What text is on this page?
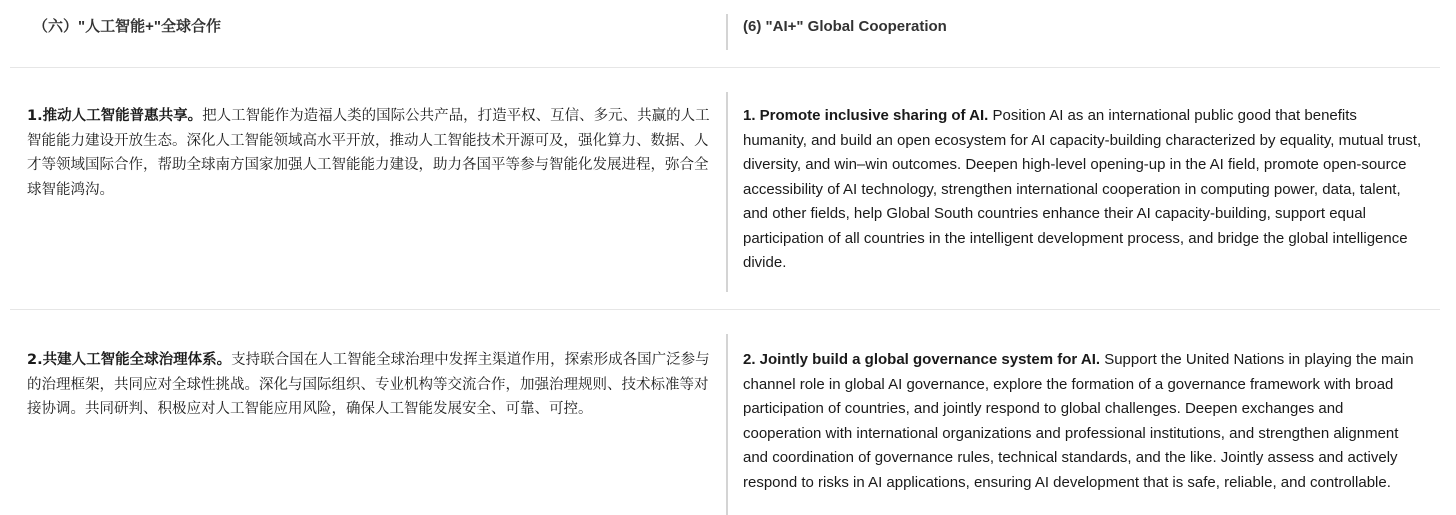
（六）"人工智能+"全球合作	(6) "AI+" Global Cooperation

1.推动人工智能普惠共享。把人工智能作为造福人类的国际公共产品，打造平权、互信、多元、共赢的人工智能能力建设开放生态。深化人工智能领域高水平开放，推动人工智能技术开源可及，强化算力、数据、人才等领域国际合作，帮助全球南方国家加强人工智能能力建设，助力各国平等参与智能化发展进程，弥合全球智能鸿沟。

1. Promote inclusive sharing of AI. Position AI as an international public good that benefits humanity, and build an open ecosystem for AI capacity-building characterized by equality, mutual trust, diversity, and win–win outcomes. Deepen high-level opening-up in the AI field, promote open-source accessibility of AI technology, strengthen international cooperation in computing power, data, talent, and other fields, help Global South countries enhance their AI capacity-building, support equal participation of all countries in the intelligent development process, and bridge the global intelligence divide.

2.共建人工智能全球治理体系。支持联合国在人工智能全球治理中发挥主渠道作用，探索形成各国广泛参与的治理框架，共同应对全球性挑战。深化与国际组织、专业机构等交流合作，加强治理规则、技术标准等对接协调。共同研判、积极应对人工智能应用风险，确保人工智能发展安全、可靠、可控。

2. Jointly build a global governance system for AI. Support the United Nations in playing the main channel role in global AI governance, explore the formation of a governance framework with broad participation of countries, and jointly respond to global challenges. Deepen exchanges and cooperation with international organizations and professional institutions, and strengthen alignment and coordination of governance rules, technical standards, and the like. Jointly assess and actively respond to risks in AI applications, ensuring AI development that is safe, reliable, and controllable.
